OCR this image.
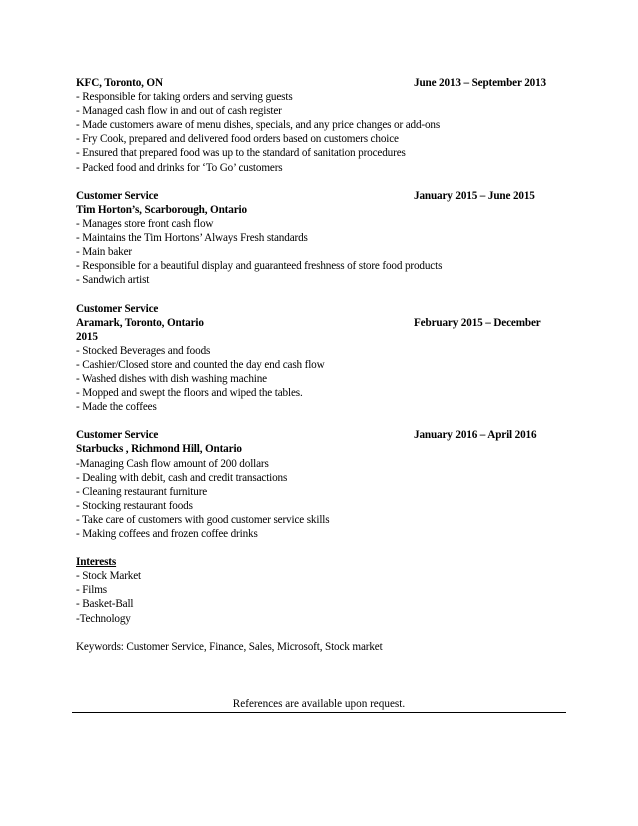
KFC, Toronto, ON	June 2013 – September 2013
- Responsible for taking orders and serving guests
- Managed cash flow in and out of cash register
- Made customers aware of menu dishes, specials, and any price changes or add-ons
- Fry Cook, prepared and delivered food orders based on customers choice
- Ensured that prepared food was up to the standard of sanitation procedures
- Packed food and drinks for ‘To Go’ customers
Customer Service	January 2015 – June 2015
Tim Horton’s, Scarborough, Ontario
- Manages store front cash flow
- Maintains the Tim Hortons’ Always Fresh standards
- Main baker
- Responsible for a beautiful display and guaranteed freshness of store food products
- Sandwich artist
Customer Service
Aramark, Toronto, Ontario	February 2015 – December
2015
- Stocked Beverages and foods
- Cashier/Closed store and counted the day end cash flow
- Washed dishes with dish washing machine
- Mopped and swept the floors and wiped the tables.
- Made the coffees
Customer Service	January 2016 – April 2016
Starbucks , Richmond Hill, Ontario
-Managing Cash flow amount of 200 dollars
- Dealing with debit, cash and credit transactions
- Cleaning restaurant furniture
- Stocking restaurant foods
- Take care of customers with good customer service skills
- Making coffees and frozen coffee drinks
Interests
- Stock Market
- Films
- Basket-Ball
-Technology
Keywords: Customer Service, Finance, Sales, Microsoft, Stock market
References are available upon request.
